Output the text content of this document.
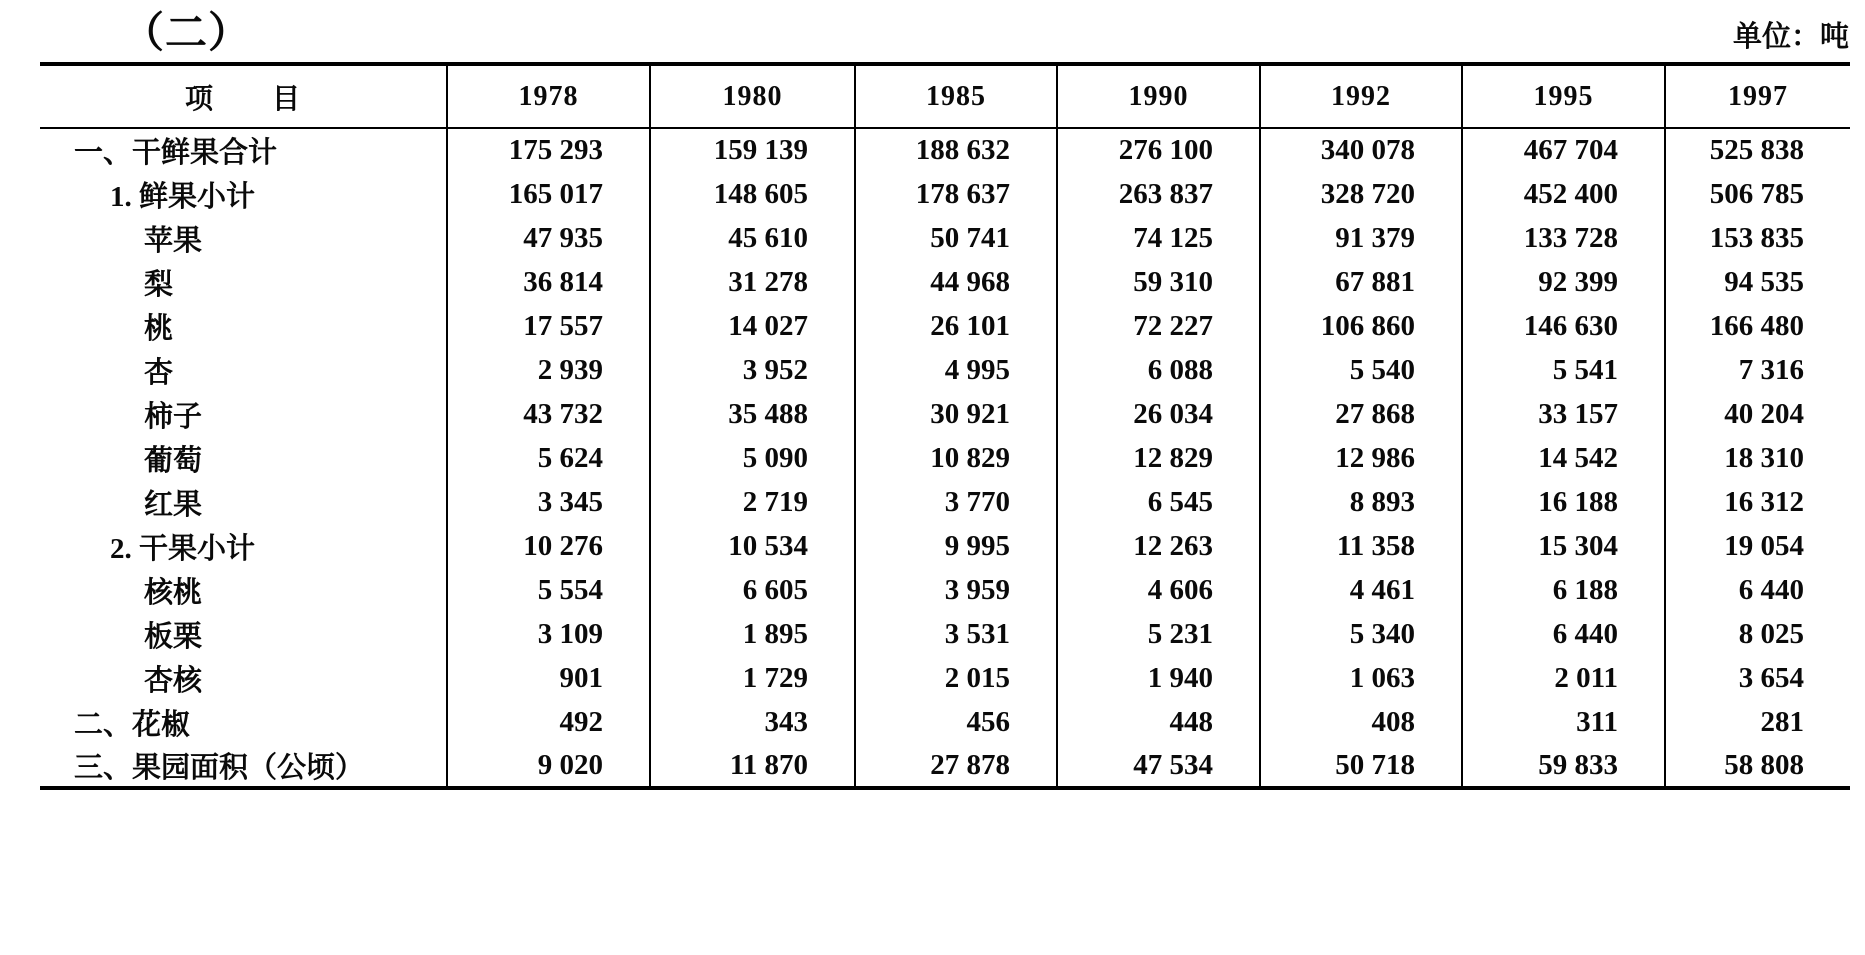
（二）	单位：吨
项　　目	1978	1980	1985	1990	1992	1995	1997
一、干鲜果合计	175 293	159 139	188 632	276 100	340 078	467 704	525 838
1. 鲜果小计	165 017	148 605	178 637	263 837	328 720	452 400	506 785
苹果	47 935	45 610	50 741	74 125	91 379	133 728	153 835
梨	36 814	31 278	44 968	59 310	67 881	92 399	94 535
桃	17 557	14 027	26 101	72 227	106 860	146 630	166 480
杏	2 939	3 952	4 995	6 088	5 540	5 541	7 316
柿子	43 732	35 488	30 921	26 034	27 868	33 157	40 204
葡萄	5 624	5 090	10 829	12 829	12 986	14 542	18 310
红果	3 345	2 719	3 770	6 545	8 893	16 188	16 312
2. 干果小计	10 276	10 534	9 995	12 263	11 358	15 304	19 054
核桃	5 554	6 605	3 959	4 606	4 461	6 188	6 440
板栗	3 109	1 895	3 531	5 231	5 340	6 440	8 025
杏核	901	1 729	2 015	1 940	1 063	2 011	3 654
二、花椒	492	343	456	448	408	311	281
三、果园面积（公顷）	9 020	11 870	27 878	47 534	50 718	59 833	58 808
